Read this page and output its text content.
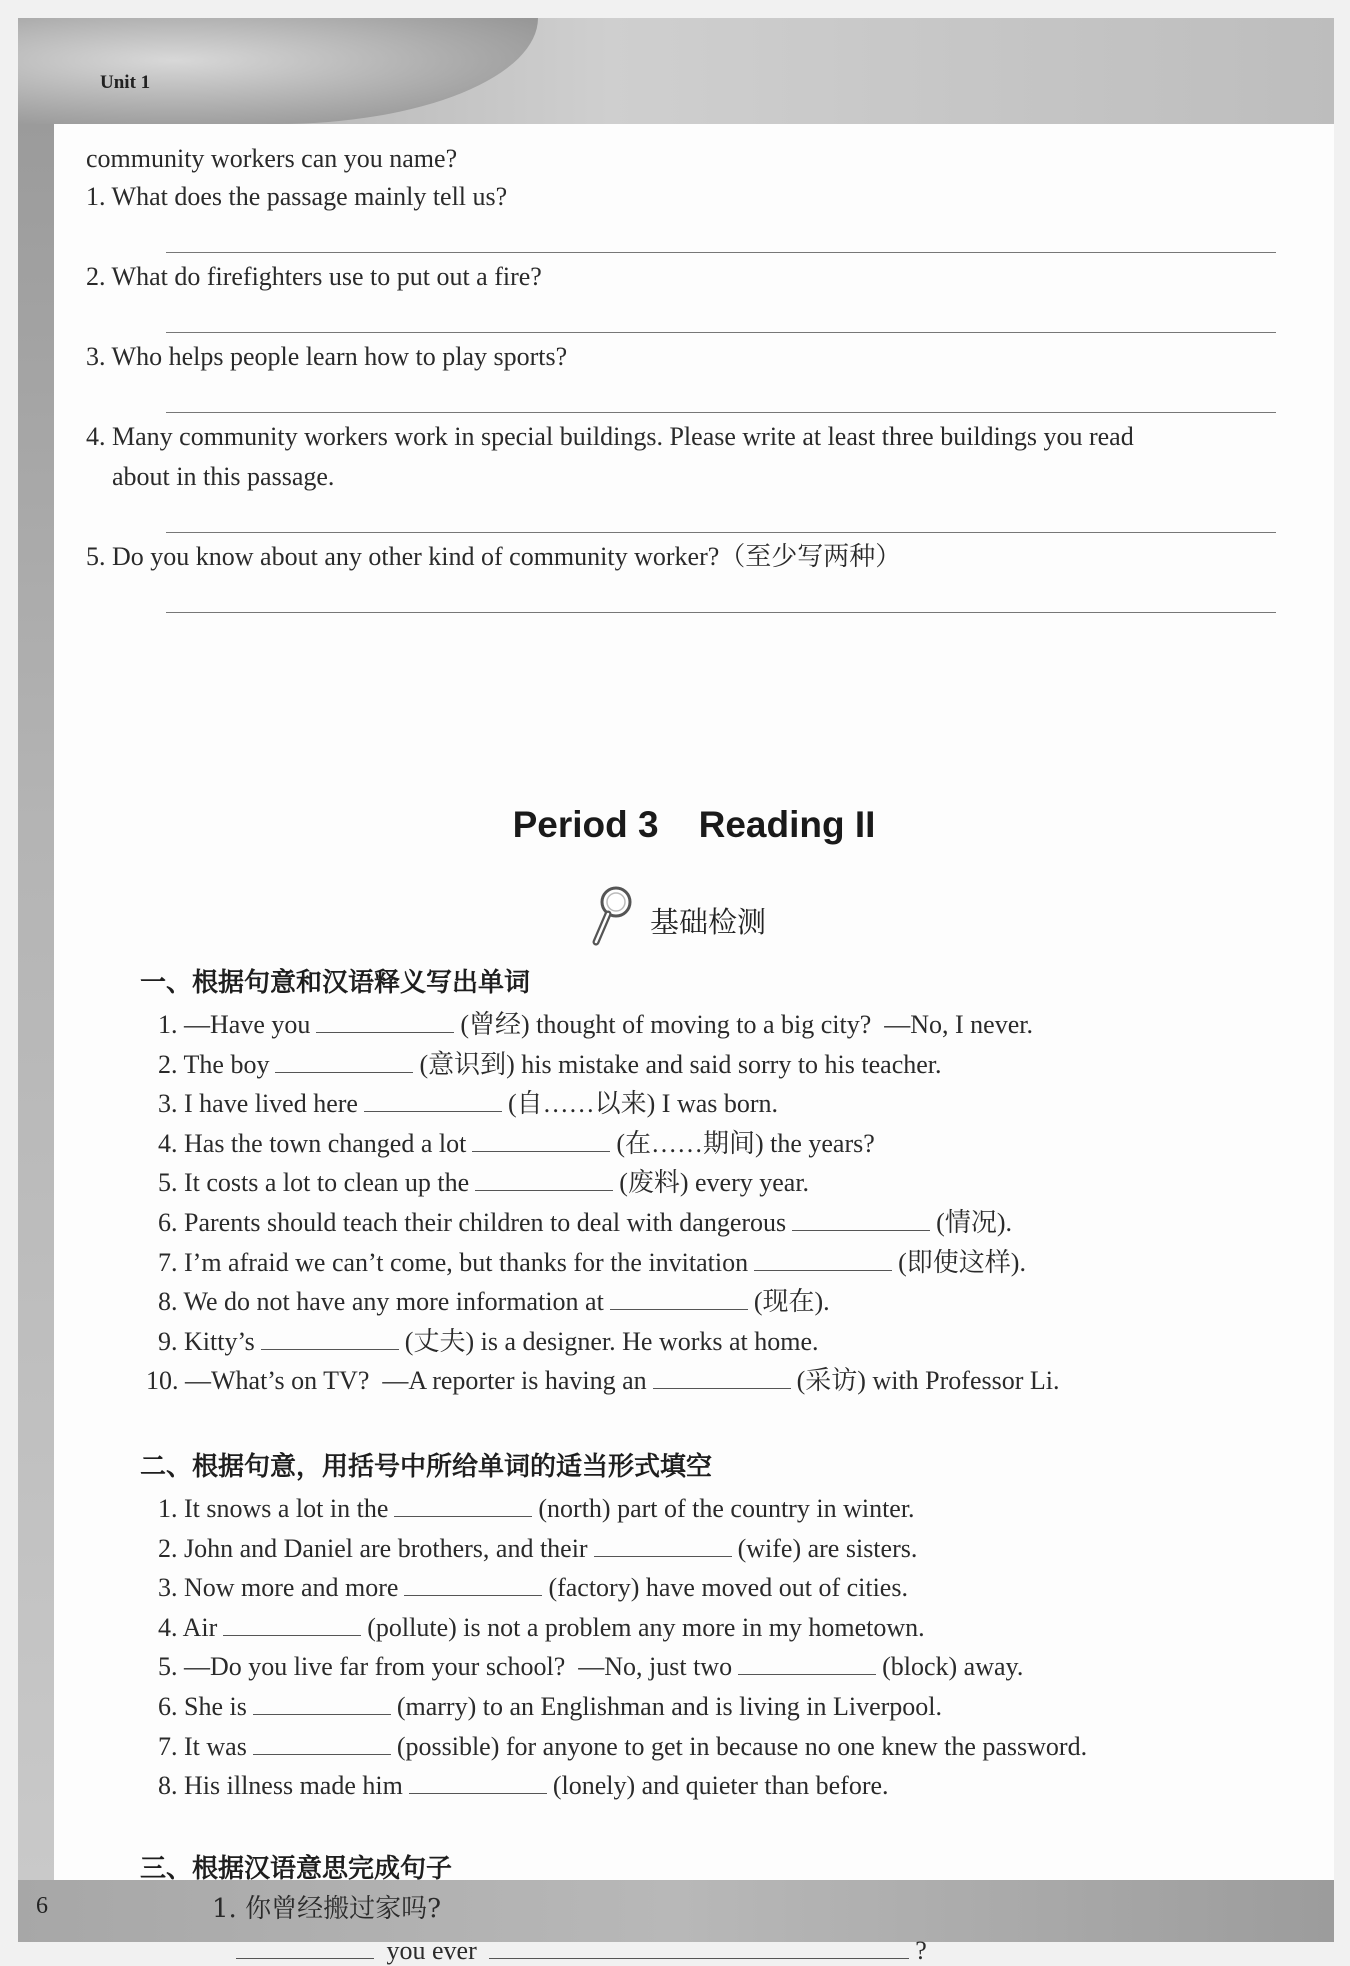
Unit 1
6
community workers can you name?
1. What does the passage mainly tell us?
2. What do firefighters use to put out a fire?
3. Who helps people learn how to play sports?
4. Many community workers work in special buildings. Please write at least three buildings you read
about in this passage.
5. Do you know about any other kind of community worker?（至少写两种）
Period 3 Reading II
基础检测
一、根据句意和汉语释义写出单词
1. —Have you	(曾经) thought of moving to a big city?  —No, I never.
2. The boy	(意识到) his mistake and said sorry to his teacher.
3. I have lived here	(自……以来) I was born.
4. Has the town changed a lot	(在……期间) the years?
5. It costs a lot to clean up the	(废料) every year.
6. Parents should teach their children to deal with dangerous	(情况).
7. I’m afraid we can’t come, but thanks for the invitation	(即使这样).
8. We do not have any more information at	(现在).
9. Kitty’s	(丈夫) is a designer. He works at home.
10. —What’s on TV?  —A reporter is having an	(采访) with Professor Li.
二、根据句意，用括号中所给单词的适当形式填空
1. It snows a lot in the	(north) part of the country in winter.
2. John and Daniel are brothers, and their	(wife) are sisters.
3. Now more and more	(factory) have moved out of cities.
4. Air	(pollute) is not a problem any more in my hometown.
5. —Do you live far from your school?  —No, just two	(block) away.
6. She is	(marry) to an Englishman and is living in Liverpool.
7. It was	(possible) for anyone to get in because no one knew the password.
8. His illness made him	(lonely) and quieter than before.
三、根据汉语意思完成句子
1. 你曾经搬过家吗?
you ever	?
